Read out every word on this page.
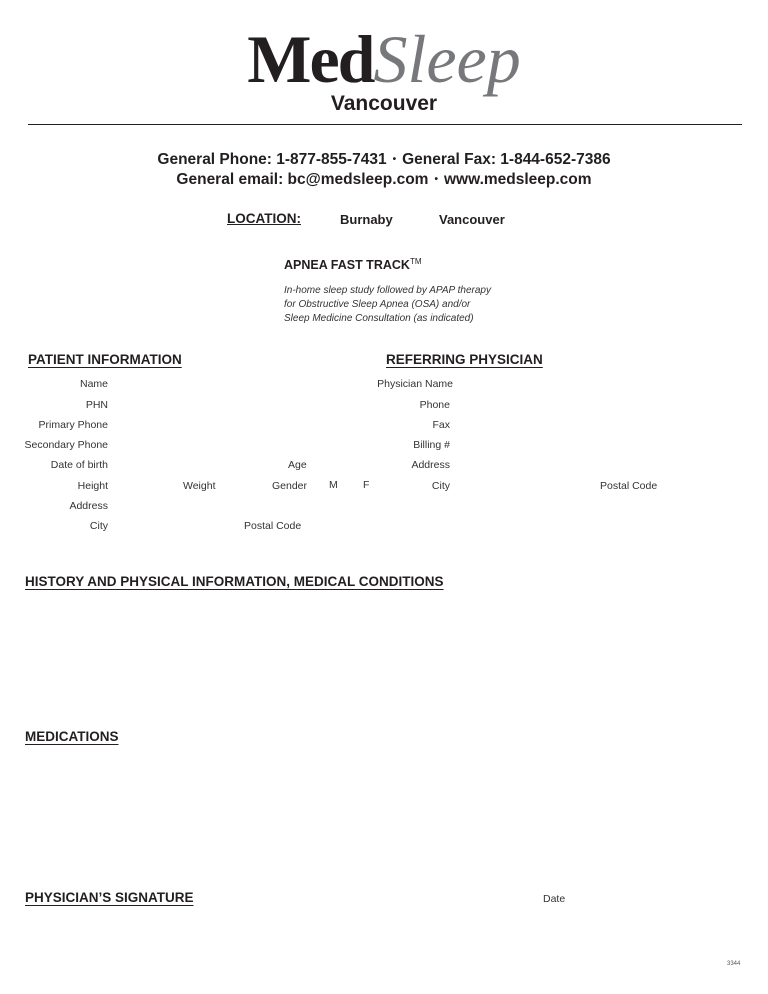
MedSleep
Vancouver
General Phone: 1-877-855-7431 • General Fax: 1-844-652-7386
General email: bc@medsleep.com • www.medsleep.com
LOCATION:	Burnaby	Vancouver
APNEA FAST TRACK™
In-home sleep study followed by APAP therapy
for Obstructive Sleep Apnea (OSA) and/or
Sleep Medicine Consultation (as indicated)
PATIENT INFORMATION	REFERRING PHYSICIAN
Name
PHN
Primary Phone
Secondary Phone
Date of birth	Age
Height	Weight	Gender M F
Address
City	Postal Code
Physician Name
Phone
Fax
Billing #
Address
City	Postal Code
HISTORY AND PHYSICAL INFORMATION, MEDICAL CONDITIONS
MEDICATIONS
PHYSICIAN’S SIGNATURE	Date
3344
